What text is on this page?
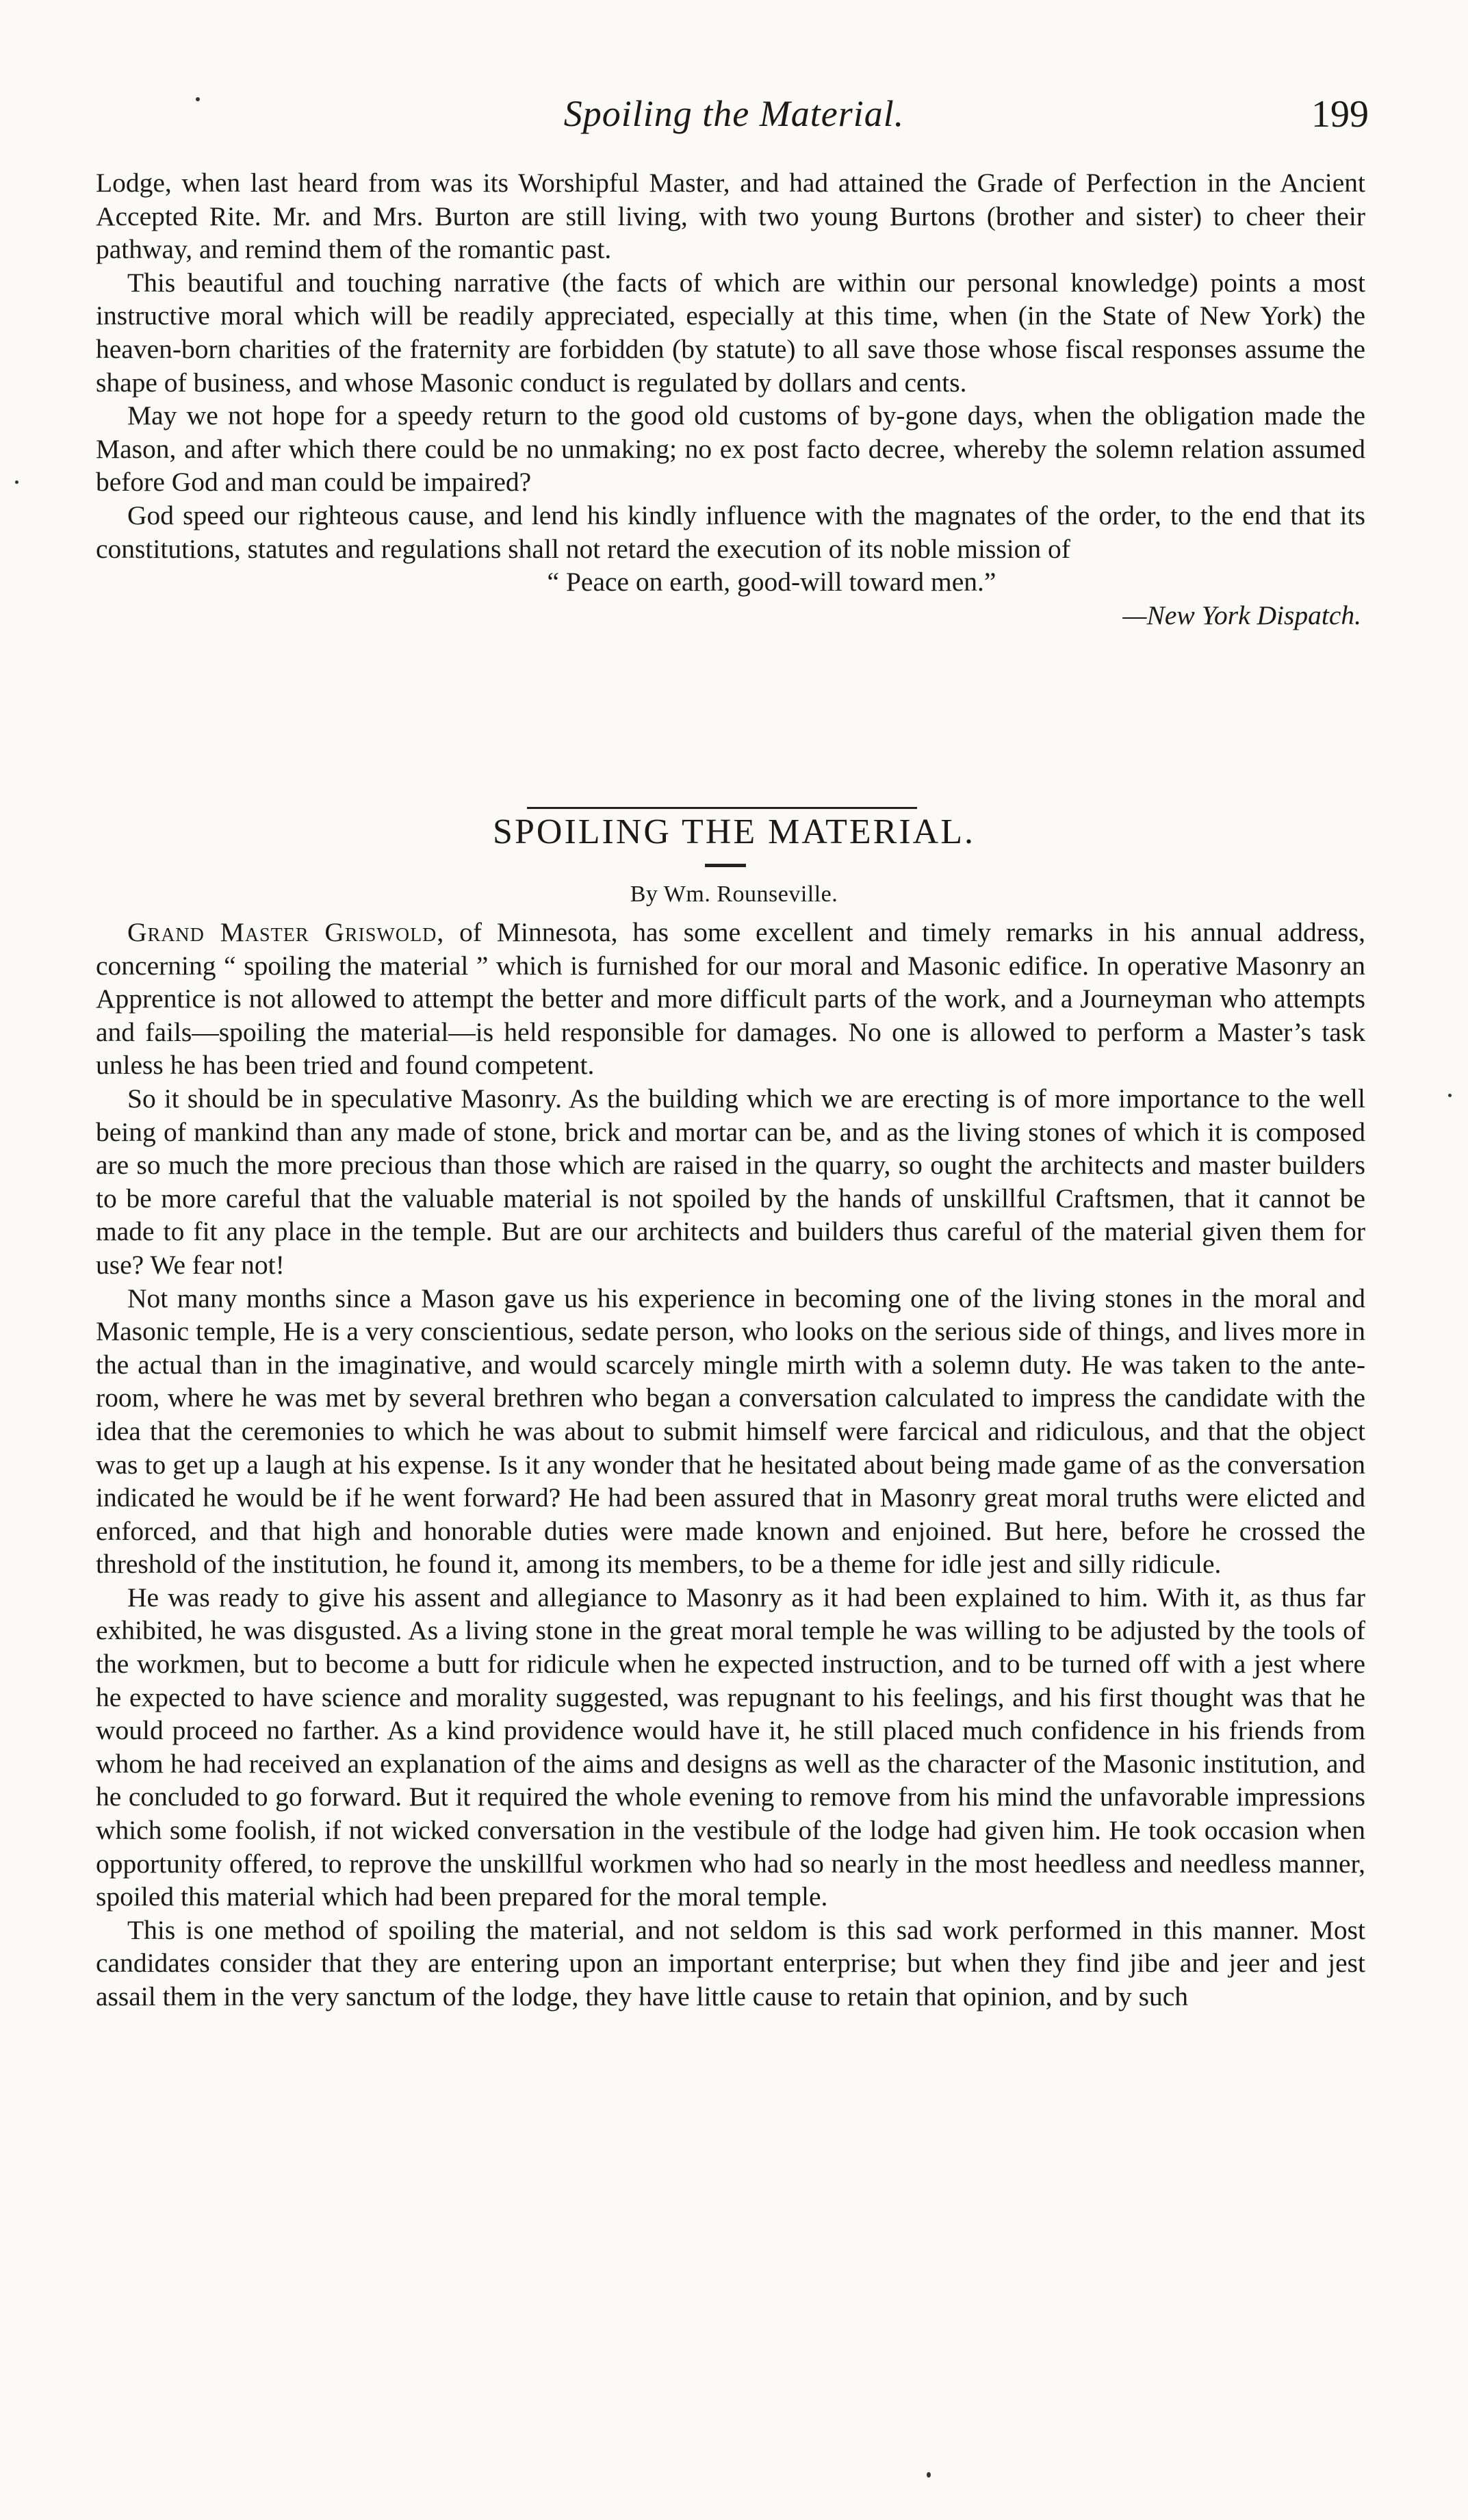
Spoiling the Material.	199

Lodge, when last heard from was its Worshipful Master, and had attained the Grade of Perfection in the Ancient Accepted Rite. Mr. and Mrs. Burton are still living, with two young Burtons (brother and sister) to cheer their pathway, and remind them of the romantic past.

This beautiful and touching narrative (the facts of which are within our personal knowledge) points a most instructive moral which will be readily appreciated, especially at this time, when (in the State of New York) the heaven-born charities of the fraternity are forbidden (by statute) to all save those whose fiscal responses assume the shape of business, and whose Masonic conduct is regulated by dollars and cents.

May we not hope for a speedy return to the good old customs of by-gone days, when the obligation made the Mason, and after which there could be no unmaking; no ex post facto decree, whereby the solemn relation assumed before God and man could be impaired?

God speed our righteous cause, and lend his kindly influence with the magnates of the order, to the end that its constitutions, statutes and regulations shall not retard the execution of its noble mission of

“ Peace on earth, good-will toward men.”

—New York Dispatch.

SPOILING THE MATERIAL.
By Wm. Rounseville.

Grand Master Griswold, of Minnesota, has some excellent and timely remarks in his annual address, concerning “ spoiling the material ” which is furnished for our moral and Masonic edifice. In operative Masonry an Apprentice is not allowed to attempt the better and more difficult parts of the work, and a Journeyman who attempts and fails—spoiling the material—is held responsible for damages. No one is allowed to perform a Master’s task unless he has been tried and found competent.

So it should be in speculative Masonry. As the building which we are erecting is of more importance to the well being of mankind than any made of stone, brick and mortar can be, and as the living stones of which it is composed are so much the more precious than those which are raised in the quarry, so ought the architects and master builders to be more careful that the valuable material is not spoiled by the hands of unskillful Craftsmen, that it cannot be made to fit any place in the temple. But are our architects and builders thus careful of the material given them for use? We fear not!

Not many months since a Mason gave us his experience in becoming one of the living stones in the moral and Masonic temple, He is a very conscientious, sedate person, who looks on the serious side of things, and lives more in the actual than in the imaginative, and would scarcely mingle mirth with a solemn duty. He was taken to the ante-room, where he was met by several brethren who began a conversation calculated to impress the candidate with the idea that the ceremonies to which he was about to submit himself were farcical and ridiculous, and that the object was to get up a laugh at his expense. Is it any wonder that he hesitated about being made game of as the conversation indicated he would be if he went forward? He had been assured that in Masonry great moral truths were elicted and enforced, and that high and honorable duties were made known and enjoined. But here, before he crossed the threshold of the institution, he found it, among its members, to be a theme for idle jest and silly ridicule.

He was ready to give his assent and allegiance to Masonry as it had been explained to him. With it, as thus far exhibited, he was disgusted. As a living stone in the great moral temple he was willing to be adjusted by the tools of the workmen, but to become a butt for ridicule when he expected instruction, and to be turned off with a jest where he expected to have science and morality suggested, was repugnant to his feelings, and his first thought was that he would proceed no farther. As a kind providence would have it, he still placed much confidence in his friends from whom he had received an explanation of the aims and designs as well as the character of the Masonic institution, and he concluded to go forward. But it required the whole evening to remove from his mind the unfavorable impressions which some foolish, if not wicked conversation in the vestibule of the lodge had given him. He took occasion when opportunity offered, to reprove the unskillful workmen who had so nearly in the most heedless and needless manner, spoiled this material which had been prepared for the moral temple.

This is one method of spoiling the material, and not seldom is this sad work performed in this manner. Most candidates consider that they are entering upon an important enterprise; but when they find jibe and jeer and jest assail them in the very sanctum of the lodge, they have little cause to retain that opinion, and by such
